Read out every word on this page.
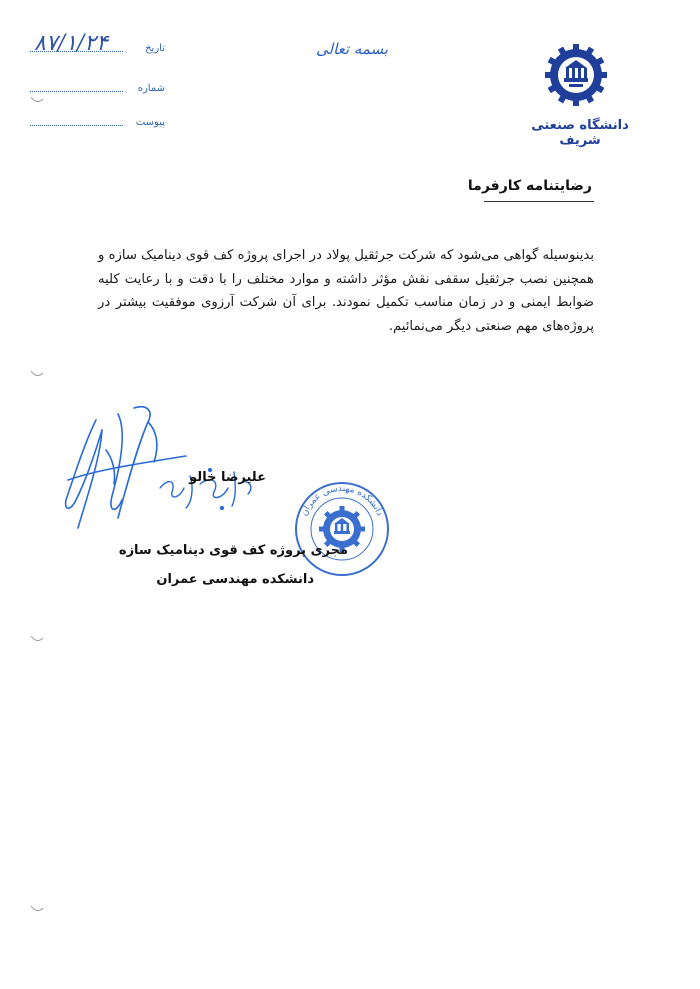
۸۷/۱/۲۴	تاریخ
شماره
پیوست
بسمه تعالی
دانشگاه صنعتی شریف
رضایتنامه کارفرما
بدینوسیله گواهی می‌شود که شرکت جرثقیل پولاد در اجرای پروژه کف قوی دینامیک سازه و همچنین نصب جرثقیل سقفی نقش مؤثر داشته و موارد مختلف را با دقت و با رعایت کلیه ضوابط ایمنی و در زمان مناسب تکمیل نمودند. برای آن شرکت آرزوی موفقیت بیشتر در پروژه‌های مهم صنعتی دیگر می‌نمائیم.
علیرضا خالو
دانشکده مهندسی عمران
مجری پروژه کف قوی دینامیک سازه
دانشکده مهندسی عمران
